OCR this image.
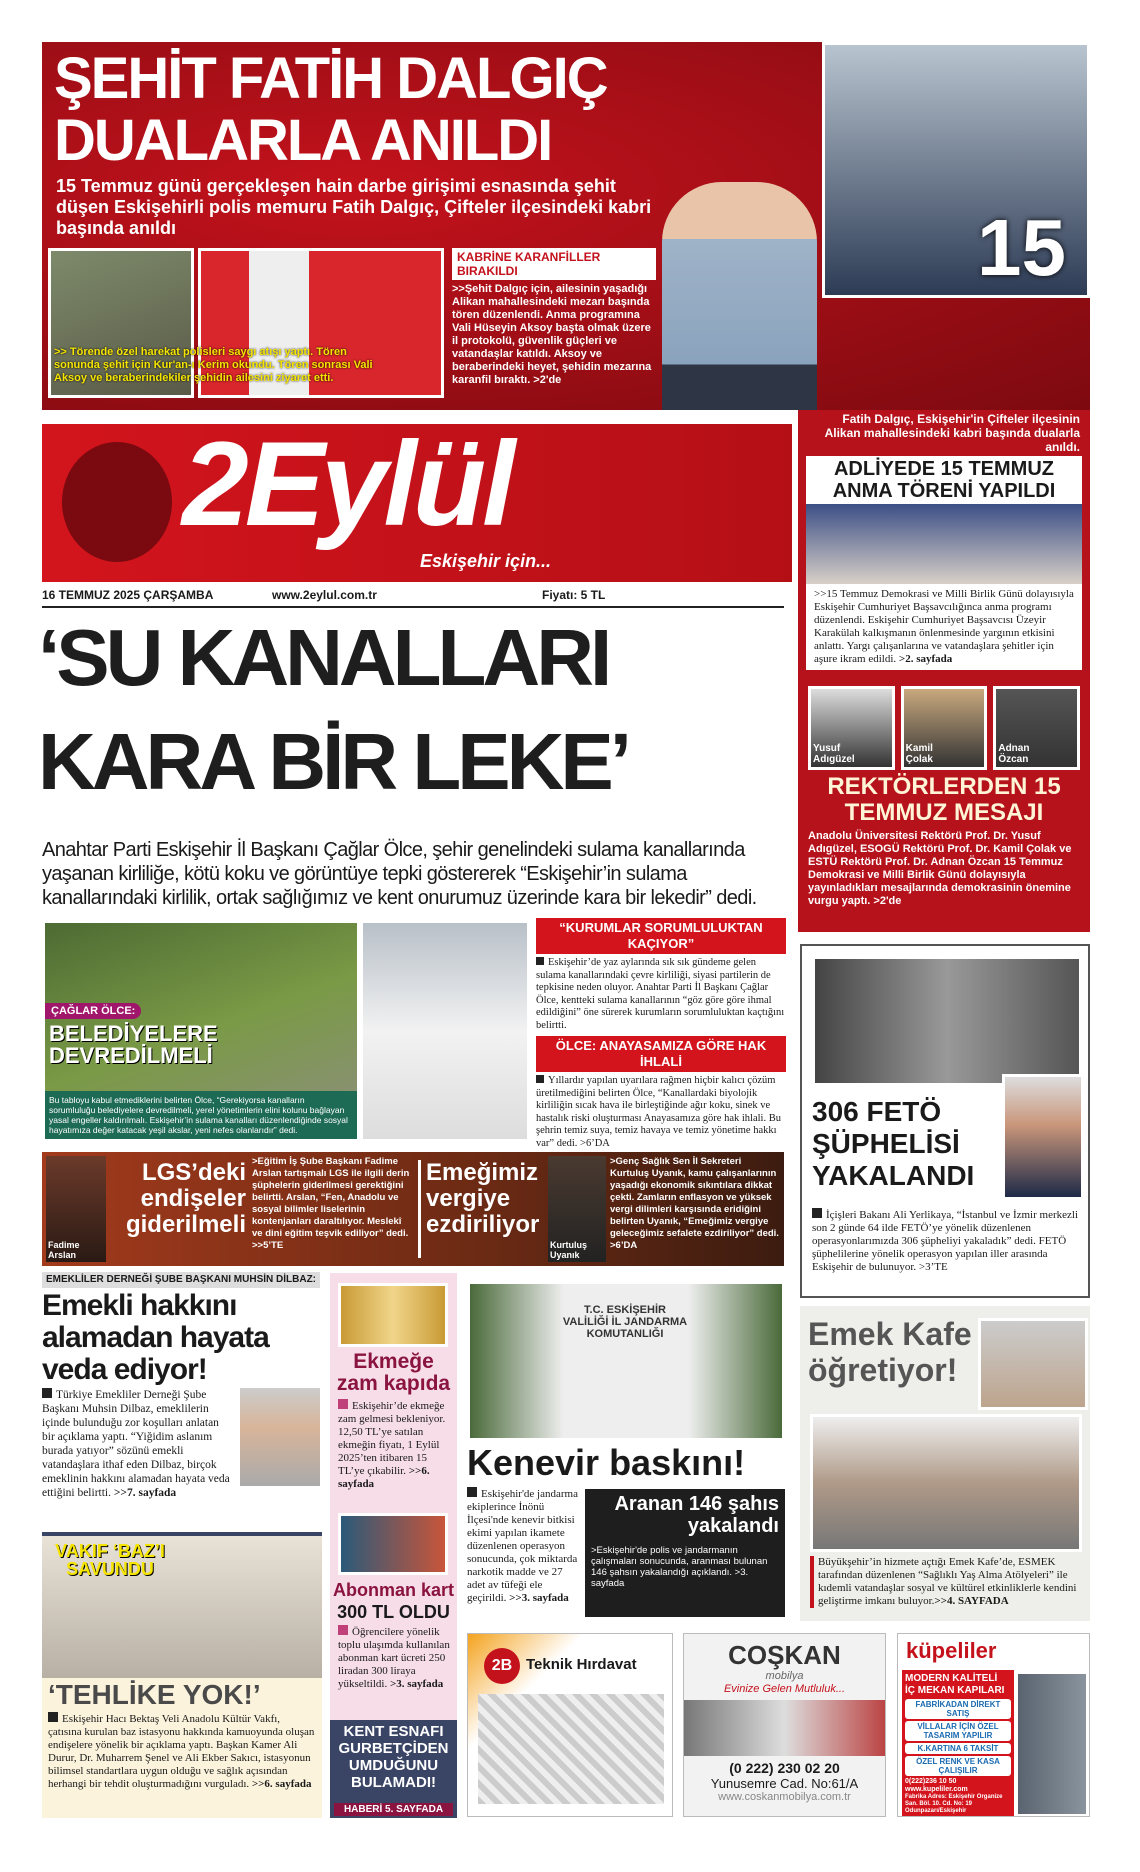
ŞEHİT FATİH DALGIÇ
DUALARLA ANILDI
15 Temmuz günü gerçekleşen hain darbe girişimi esnasında şehit düşen Eskişehirli polis memuru Fatih Dalgıç, Çifteler ilçesindeki kabri başında anıldı
>> Törende özel harekat polisleri saygı atışı yaptı. Tören sonunda şehit için Kur'an-ı Kerim okundu. Tören sonrası Vali Aksoy ve beraberindekiler şehidin ailesini ziyaret etti.
KABRİNE KARANFİLLER BIRAKILDI
>>Şehit Dalgıç için, ailesinin yaşadığı Alikan mahallesindeki mezarı başında tören düzenlendi. Anma programına Vali Hüseyin Aksoy başta olmak üzere il protokolü, güvenlik güçleri ve vatandaşlar katıldı. Aksoy ve beraberindeki heyet, şehidin mezarına karanfil bıraktı. >2'de
15
2Eylül
Eskişehir için...
16 TEMMUZ 2025 ÇARŞAMBA	www.2eylul.com.tr	Fiyatı: 5 TL
Fatih Dalgıç, Eskişehir'in Çifteler ilçesinin Alikan mahallesindeki kabri başında dualarla anıldı.
ADLİYEDE 15 TEMMUZ ANMA TÖRENİ YAPILDI
>>15 Temmuz Demokrasi ve Milli Birlik Günü dolayısıyla Eskişehir Cumhuriyet Başsavcılığınca anma programı düzenlendi. Eskişehir Cumhuriyet Başsavcısı Üzeyir Karakülah kalkışmanın önlenmesinde yargının etkisini anlattı. Yargı çalışanlarına ve vatandaşlara şehitler için aşure ikram edildi. >2. sayfada
Yusuf Adıgüzel
Kamil Çolak
Adnan Özcan
REKTÖRLERDEN 15 TEMMUZ MESAJI
Anadolu Üniversitesi Rektörü Prof. Dr. Yusuf Adıgüzel, ESOGÜ Rektörü Prof. Dr. Kamil Çolak ve ESTÜ Rektörü Prof. Dr. Adnan Özcan 15 Temmuz Demokrasi ve Milli Birlik Günü dolayısıyla yayınladıkları mesajlarında demokrasinin önemine vurgu yaptı. >2'de
‘SU KANALLARI
KARA BİR LEKE’
Anahtar Parti Eskişehir İl Başkanı Çağlar Ölce, şehir genelindeki sulama kanallarında yaşanan kirliliğe, kötü koku ve görüntüye tepki göstererek “Eskişehir’in sulama kanallarındaki kirlilik, ortak sağlığımız ve kent onurumuz üzerinde kara bir lekedir” dedi.
ÇAĞLAR ÖLCE:
BELEDİYELERE
DEVREDİLMELİ
Bu tabloyu kabul etmediklerini belirten Ölce, “Gerekiyorsa kanalların sorumluluğu belediyelere devredilmeli, yerel yönetimlerin elini kolunu bağlayan yasal engeller kaldırılmalı. Eskişehir’in sulama kanalları düzenlendiğinde sosyal hayatımıza değer katacak yeşil akslar, yeni nefes olanlarıdır” dedi.
“KURUMLAR SORUMLULUKTAN KAÇIYOR”
Eskişehir’de yaz aylarında sık sık gündeme gelen sulama kanallarındaki çevre kirliliği, siyasi partilerin de tepkisine neden oluyor. Anahtar Parti İl Başkanı Çağlar Ölce, kentteki sulama kanallarının “göz göre göre ihmal edildiğini” öne sürerek kurumların sorumluluktan kaçtığını belirtti.
ÖLCE: ANAYASAMIZA GÖRE HAK İHLALİ
Yıllardır yapılan uyarılara rağmen hiçbir kalıcı çözüm üretilmediğini belirten Ölce, “Kanallardaki biyolojik kirliliğin sıcak hava ile birleştiğinde ağır koku, sinek ve hastalık riski oluşturması Anayasamıza göre hak ihlali. Bu şehrin temiz suya, temiz havaya ve temiz yönetime hakkı var” dedi. >6’DA
Fadime Arslan
LGS’deki endişeler giderilmeli
>Eğitim İş Şube Başkanı Fadime Arslan tartışmalı LGS ile ilgili derin şüphelerin giderilmesi gerektiğini belirtti. Arslan, “Fen, Anadolu ve sosyal bilimler liselerinin kontenjanları daraltılıyor. Meslekî ve dini eğitim teşvik ediliyor” dedi. >>5’TE
Emeğimiz vergiye ezdiriliyor
Kurtuluş Uyanık
>Genç Sağlık Sen İl Sekreteri Kurtuluş Uyanık, kamu çalışanlarının yaşadığı ekonomik sıkıntılara dikkat çekti. Zamların enflasyon ve yüksek vergi dilimleri karşısında eridiğini belirten Uyanık, “Emeğimiz vergiye geleceğimiz sefalete ezdiriliyor” dedi. >6’DA
306 FETÖ ŞÜPHELİSİ YAKALANDI
İçişleri Bakanı Ali Yerlikaya, “İstanbul ve İzmir merkezli son 2 günde 64 ilde FETÖ’ye yönelik düzenlenen operasyonlarımızda 306 şüpheliyi yakaladık” dedi. FETÖ şüphelilerine yönelik operasyon yapılan iller arasında Eskişehir de bulunuyor. >3’TE
EMEKLİLER DERNEĞİ ŞUBE BAŞKANI MUHSİN DİLBAZ:
Emekli hakkını alamadan hayata veda ediyor!
Türkiye Emekliler Derneği Şube Başkanı Muhsin Dilbaz, emeklilerin içinde bulunduğu zor koşulları anlatan bir açıklama yaptı. “Yiğidim aslanım burada yatıyor” sözünü emekli vatandaşlara ithaf eden Dilbaz, birçok emeklinin hakkını alamadan hayata veda ettiğini belirtti. >>7. sayfada
VAKIF ‘BAZ’I SAVUNDU
‘TEHLİKE YOK!’
Eskişehir Hacı Bektaş Veli Anadolu Kültür Vakfı, çatısına kurulan baz istasyonu hakkında kamuoyunda oluşan endişelere yönelik bir açıklama yaptı. Başkan Kamer Ali Durur, Dr. Muharrem Şenel ve Ali Ekber Sakıcı, istasyonun bilimsel standartlara uygun olduğu ve sağlık açısından herhangi bir tehdit oluşturmadığını vurguladı. >>6. sayfada
Ekmeğe zam kapıda
Eskişehir’de ekmeğe zam gelmesi bekleniyor. 12,50 TL’ye satılan ekmeğin fiyatı, 1 Eylül 2025’ten itibaren 15 TL’ye çıkabilir. >>6. sayfada
Abonman kart
300 TL OLDU
Öğrencilere yönelik toplu ulaşımda kullanılan abonman kart ücreti 250 liradan 300 liraya yükseltildi. >3. sayfada
KENT ESNAFI GURBETÇİDEN UMDUĞUNU BULAMADI!
HABERİ 5. SAYFADA
T.C. ESKİŞEHİR VALİLİĞİ İL JANDARMA KOMUTANLIĞI
Kenevir baskını!
Eskişehir'de jandarma ekiplerince İnönü İlçesi'nde kenevir bitkisi ekimi yapılan ikamete düzenlenen operasyon sonucunda, çok miktarda narkotik madde ve 27 adet av tüfeği ele geçirildi. >>3. sayfada
Aranan 146 şahıs yakalandı
>Eskişehir'de polis ve jandarmanın çalışmaları sonucunda, aranması bulunan 146 şahsın yakalandığı açıklandı. >3. sayfada
Emek Kafe
öğretiyor!
Büyükşehir’in hizmete açtığı Emek Kafe’de, ESMEK tarafından düzenlenen “Sağlıklı Yaş Alma Atölyeleri” ile kıdemli vatandaşlar sosyal ve kültürel etkinliklerle kendini geliştirme imkanı buluyor.>>4. SAYFADA
2B Teknik Hırdavat	COŞKAN
mobilya
Evinize Gelen Mutluluk...
(0 222) 230 02 20
Yunusemre Cad. No:61/A
www.coskanmobilya.com.tr
küpeliler
MODERN KALİTELİ
İÇ MEKAN KAPILARI
FABRİKADAN DİREKT SATIŞ
VİLLALAR İÇİN ÖZEL TASARIM YAPILIR
K.KARTINA 6 TAKSİT
ÖZEL RENK VE KASA ÇALIŞILIR
0(222)236 10 50
www.kupeliler.com
Fabrika Adres: Eskişehir Organize San. Böl. 10. Cd. No: 19 Odunpazarı/Eskişehir
